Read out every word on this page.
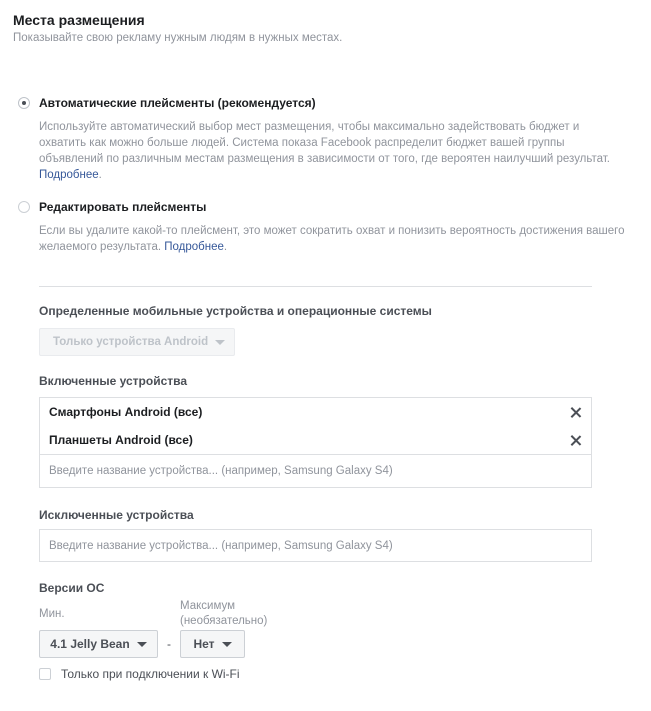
Места размещения
Показывайте свою рекламу нужным людям в нужных местах.
Автоматические плейсменты (рекомендуется)
Используйте автоматический выбор мест размещения, чтобы максимально задействовать бюджет и охватить как можно больше людей. Система показа Facebook распределит бюджет вашей группы объявлений по различным местам размещения в зависимости от того, где вероятен наилучший результат. Подробнее.
Редактировать плейсменты
Если вы удалите какой-то плейсмент, это может сократить охват и понизить вероятность достижения вашего желаемого результата. Подробнее.
Определенные мобильные устройства и операционные системы
Только устройства Android
Включенные устройства
Смартфоны Android (все)
Планшеты Android (все)
Введите название устройства... (например, Samsung Galaxy S4)
Исключенные устройства
Введите название устройства... (например, Samsung Galaxy S4)
Версии ОС
Мин.
Максимум
(необязательно)
4.1 Jelly Bean	- Нет
Только при подключении к Wi-Fi
